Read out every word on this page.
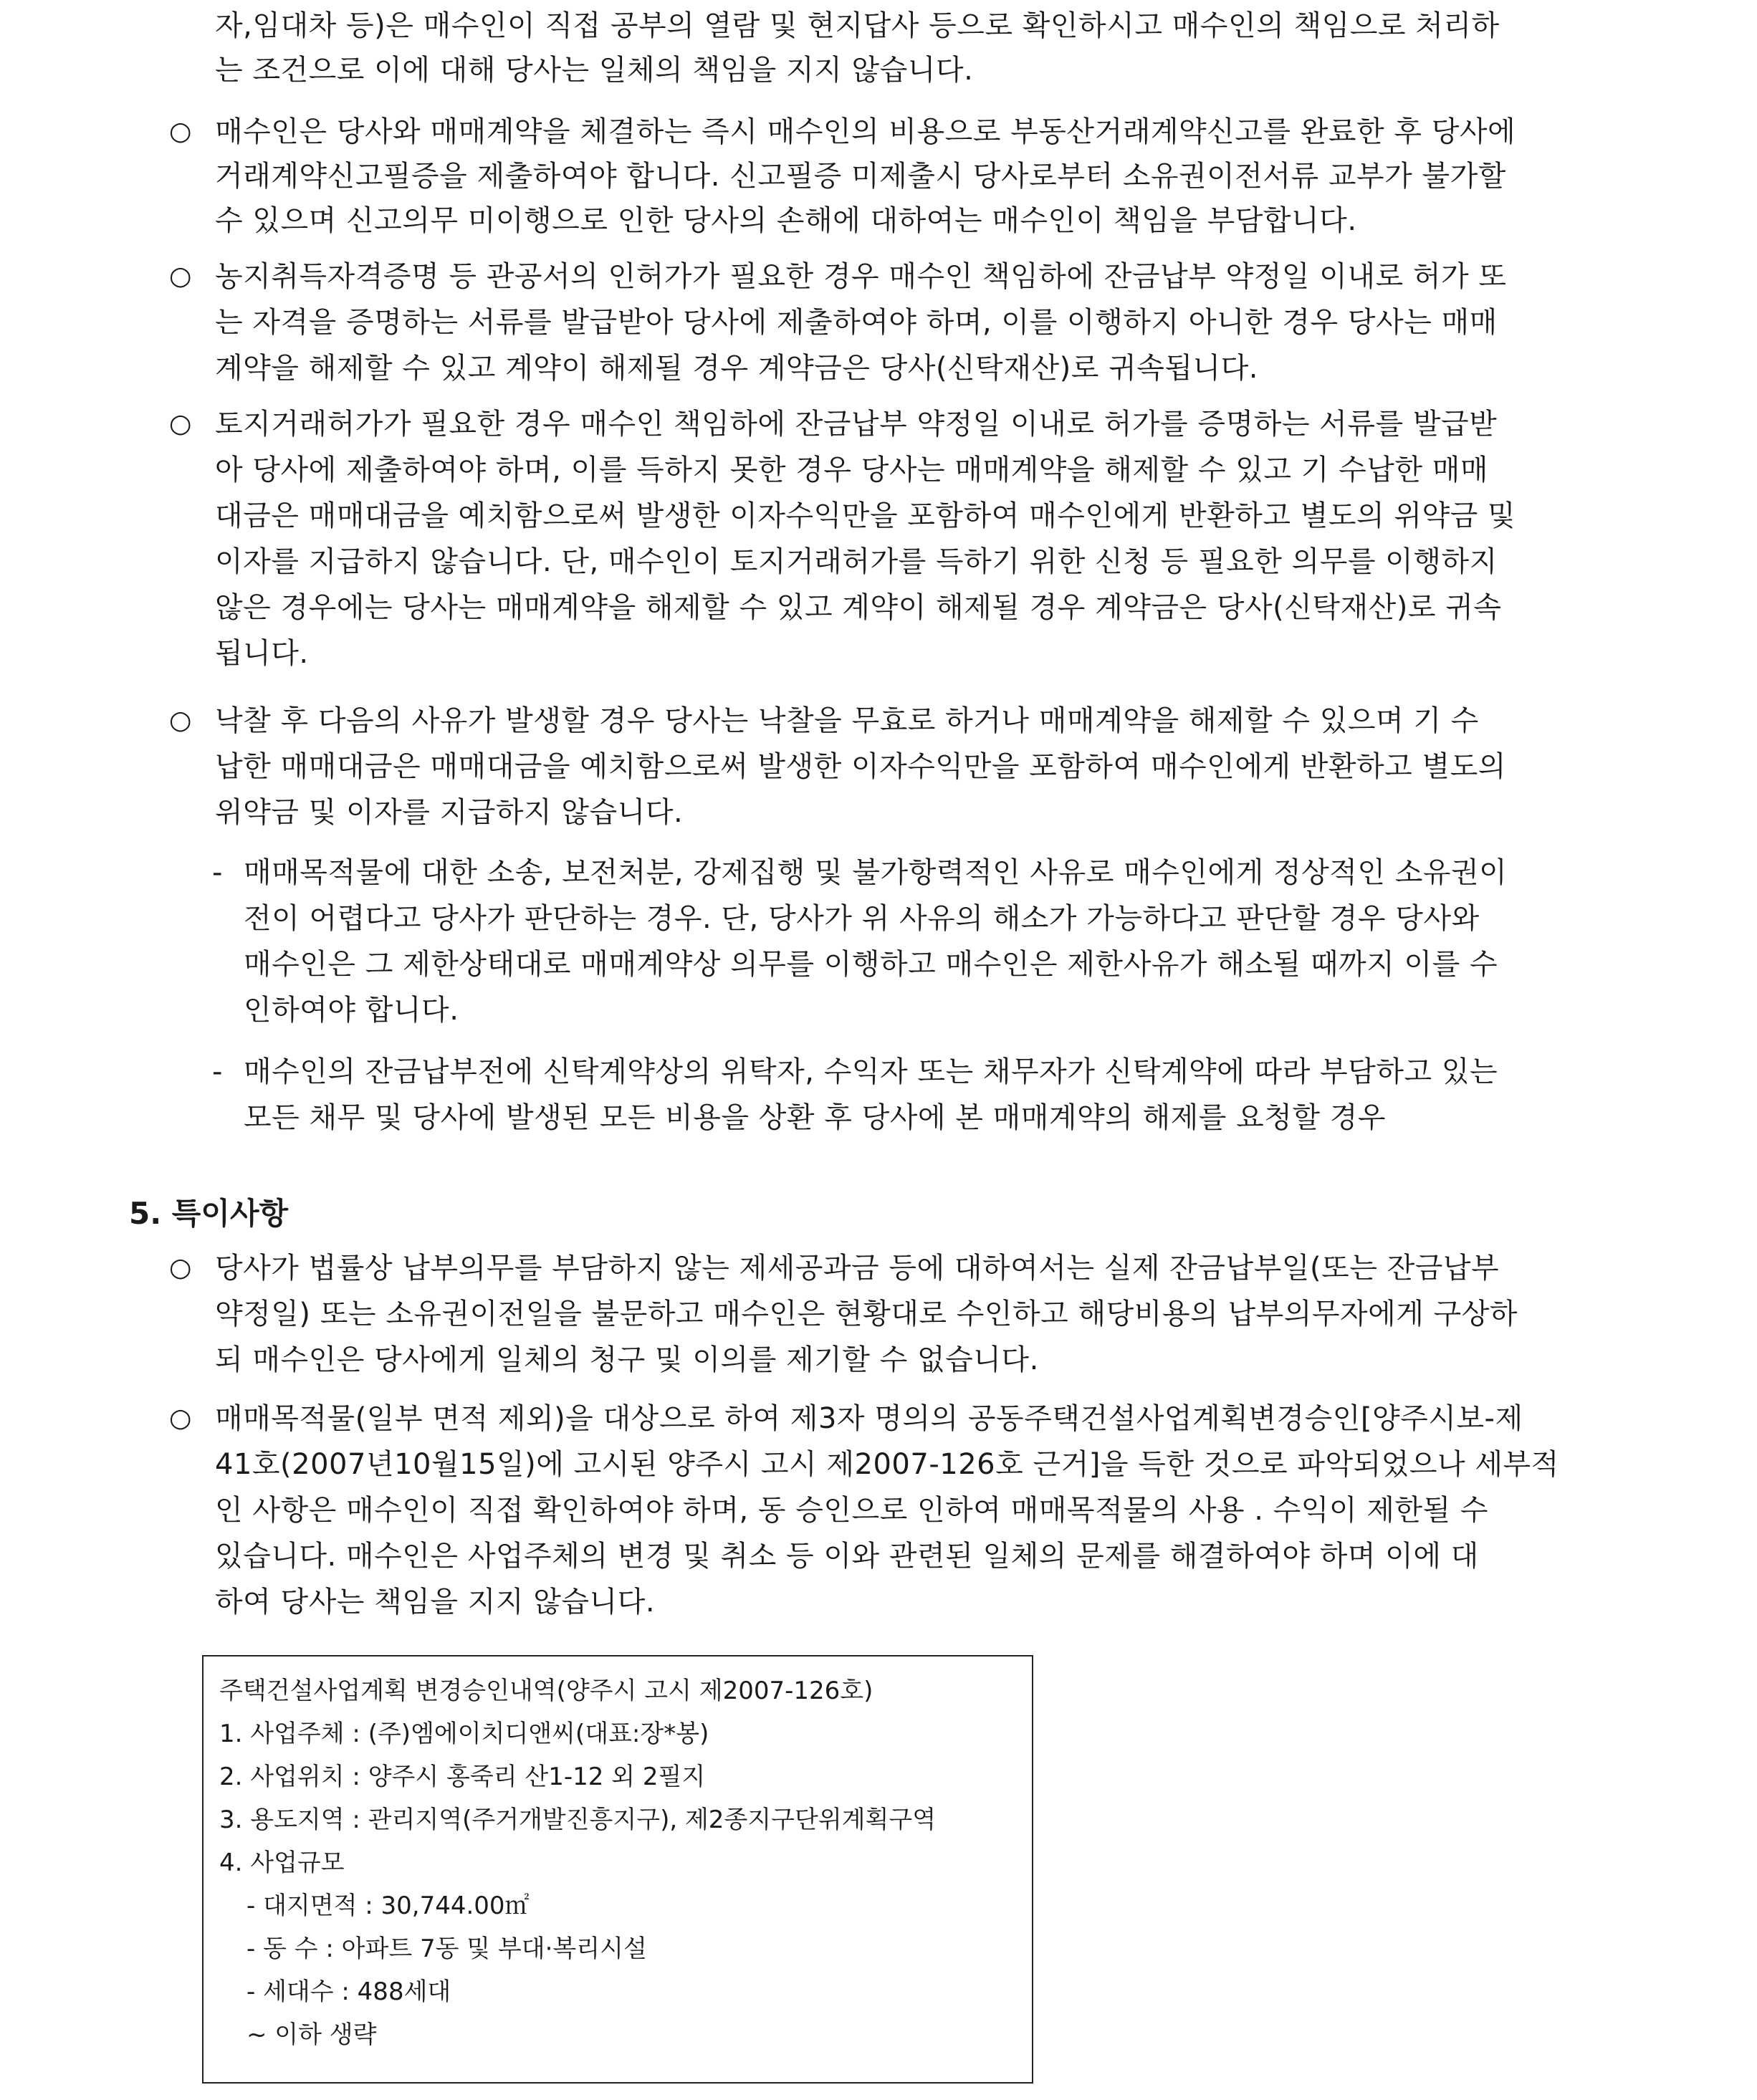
자,임대차 등)은 매수인이 직접 공부의 열람 및 현지답사 등으로 확인하시고 매수인의 책임으로 처리하
는 조건으로 이에 대해 당사는 일체의 책임을 지지 않습니다.
○ 매수인은 당사와 매매계약을 체결하는 즉시 매수인의 비용으로 부동산거래계약신고를 완료한 후 당사에
거래계약신고필증을 제출하여야 합니다. 신고필증 미제출시 당사로부터 소유권이전서류 교부가 불가할
수 있으며 신고의무 미이행으로 인한 당사의 손해에 대하여는 매수인이 책임을 부담합니다.
○ 농지취득자격증명 등 관공서의 인허가가 필요한 경우 매수인 책임하에 잔금납부 약정일 이내로 허가 또
는 자격을 증명하는 서류를 발급받아 당사에 제출하여야 하며, 이를 이행하지 아니한 경우 당사는 매매
계약을 해제할 수 있고 계약이 해제될 경우 계약금은 당사(신탁재산)로 귀속됩니다.
○ 토지거래허가가 필요한 경우 매수인 책임하에 잔금납부 약정일 이내로 허가를 증명하는 서류를 발급받
아 당사에 제출하여야 하며, 이를 득하지 못한 경우 당사는 매매계약을 해제할 수 있고 기 수납한 매매
대금은 매매대금을 예치함으로써 발생한 이자수익만을 포함하여 매수인에게 반환하고 별도의 위약금 및
이자를 지급하지 않습니다. 단, 매수인이 토지거래허가를 득하기 위한 신청 등 필요한 의무를 이행하지
않은 경우에는 당사는 매매계약을 해제할 수 있고 계약이 해제될 경우 계약금은 당사(신탁재산)로 귀속
됩니다.
○ 낙찰 후 다음의 사유가 발생할 경우 당사는 낙찰을 무효로 하거나 매매계약을 해제할 수 있으며 기 수
납한 매매대금은 매매대금을 예치함으로써 발생한 이자수익만을 포함하여 매수인에게 반환하고 별도의
위약금 및 이자를 지급하지 않습니다.
- 매매목적물에 대한 소송, 보전처분, 강제집행 및 불가항력적인 사유로 매수인에게 정상적인 소유권이
전이 어렵다고 당사가 판단하는 경우. 단, 당사가 위 사유의 해소가 가능하다고 판단할 경우 당사와
매수인은 그 제한상태대로 매매계약상 의무를 이행하고 매수인은 제한사유가 해소될 때까지 이를 수
인하여야 합니다.
- 매수인의 잔금납부전에 신탁계약상의 위탁자, 수익자 또는 채무자가 신탁계약에 따라 부담하고 있는
모든 채무 및 당사에 발생된 모든 비용을 상환 후 당사에 본 매매계약의 해제를 요청할 경우
5. 특이사항
○ 당사가 법률상 납부의무를 부담하지 않는 제세공과금 등에 대하여서는 실제 잔금납부일(또는 잔금납부
약정일) 또는 소유권이전일을 불문하고 매수인은 현황대로 수인하고 해당비용의 납부의무자에게 구상하
되 매수인은 당사에게 일체의 청구 및 이의를 제기할 수 없습니다.
○ 매매목적물(일부 면적 제외)을 대상으로 하여 제3자 명의의 공동주택건설사업계획변경승인[양주시보-제
41호(2007년10월15일)에 고시된 양주시 고시 제2007-126호 근거]을 득한 것으로 파악되었으나 세부적
인 사항은 매수인이 직접 확인하여야 하며, 동 승인으로 인하여 매매목적물의 사용 . 수익이 제한될 수
있습니다. 매수인은 사업주체의 변경 및 취소 등 이와 관련된 일체의 문제를 해결하여야 하며 이에 대
하여 당사는 책임을 지지 않습니다.
주택건설사업계획 변경승인내역(양주시 고시 제2007-126호)
1. 사업주체 : (주)엠에이치디앤씨(대표:장*봉)
2. 사업위치 : 양주시 홍죽리 산1-12 외 2필지
3. 용도지역 : 관리지역(주거개발진흥지구), 제2종지구단위계획구역
4. 사업규모
- 대지면적 : 30,744.00㎡
- 동 수 : 아파트 7동 및 부대·복리시설
- 세대수 : 488세대
~ 이하 생략
